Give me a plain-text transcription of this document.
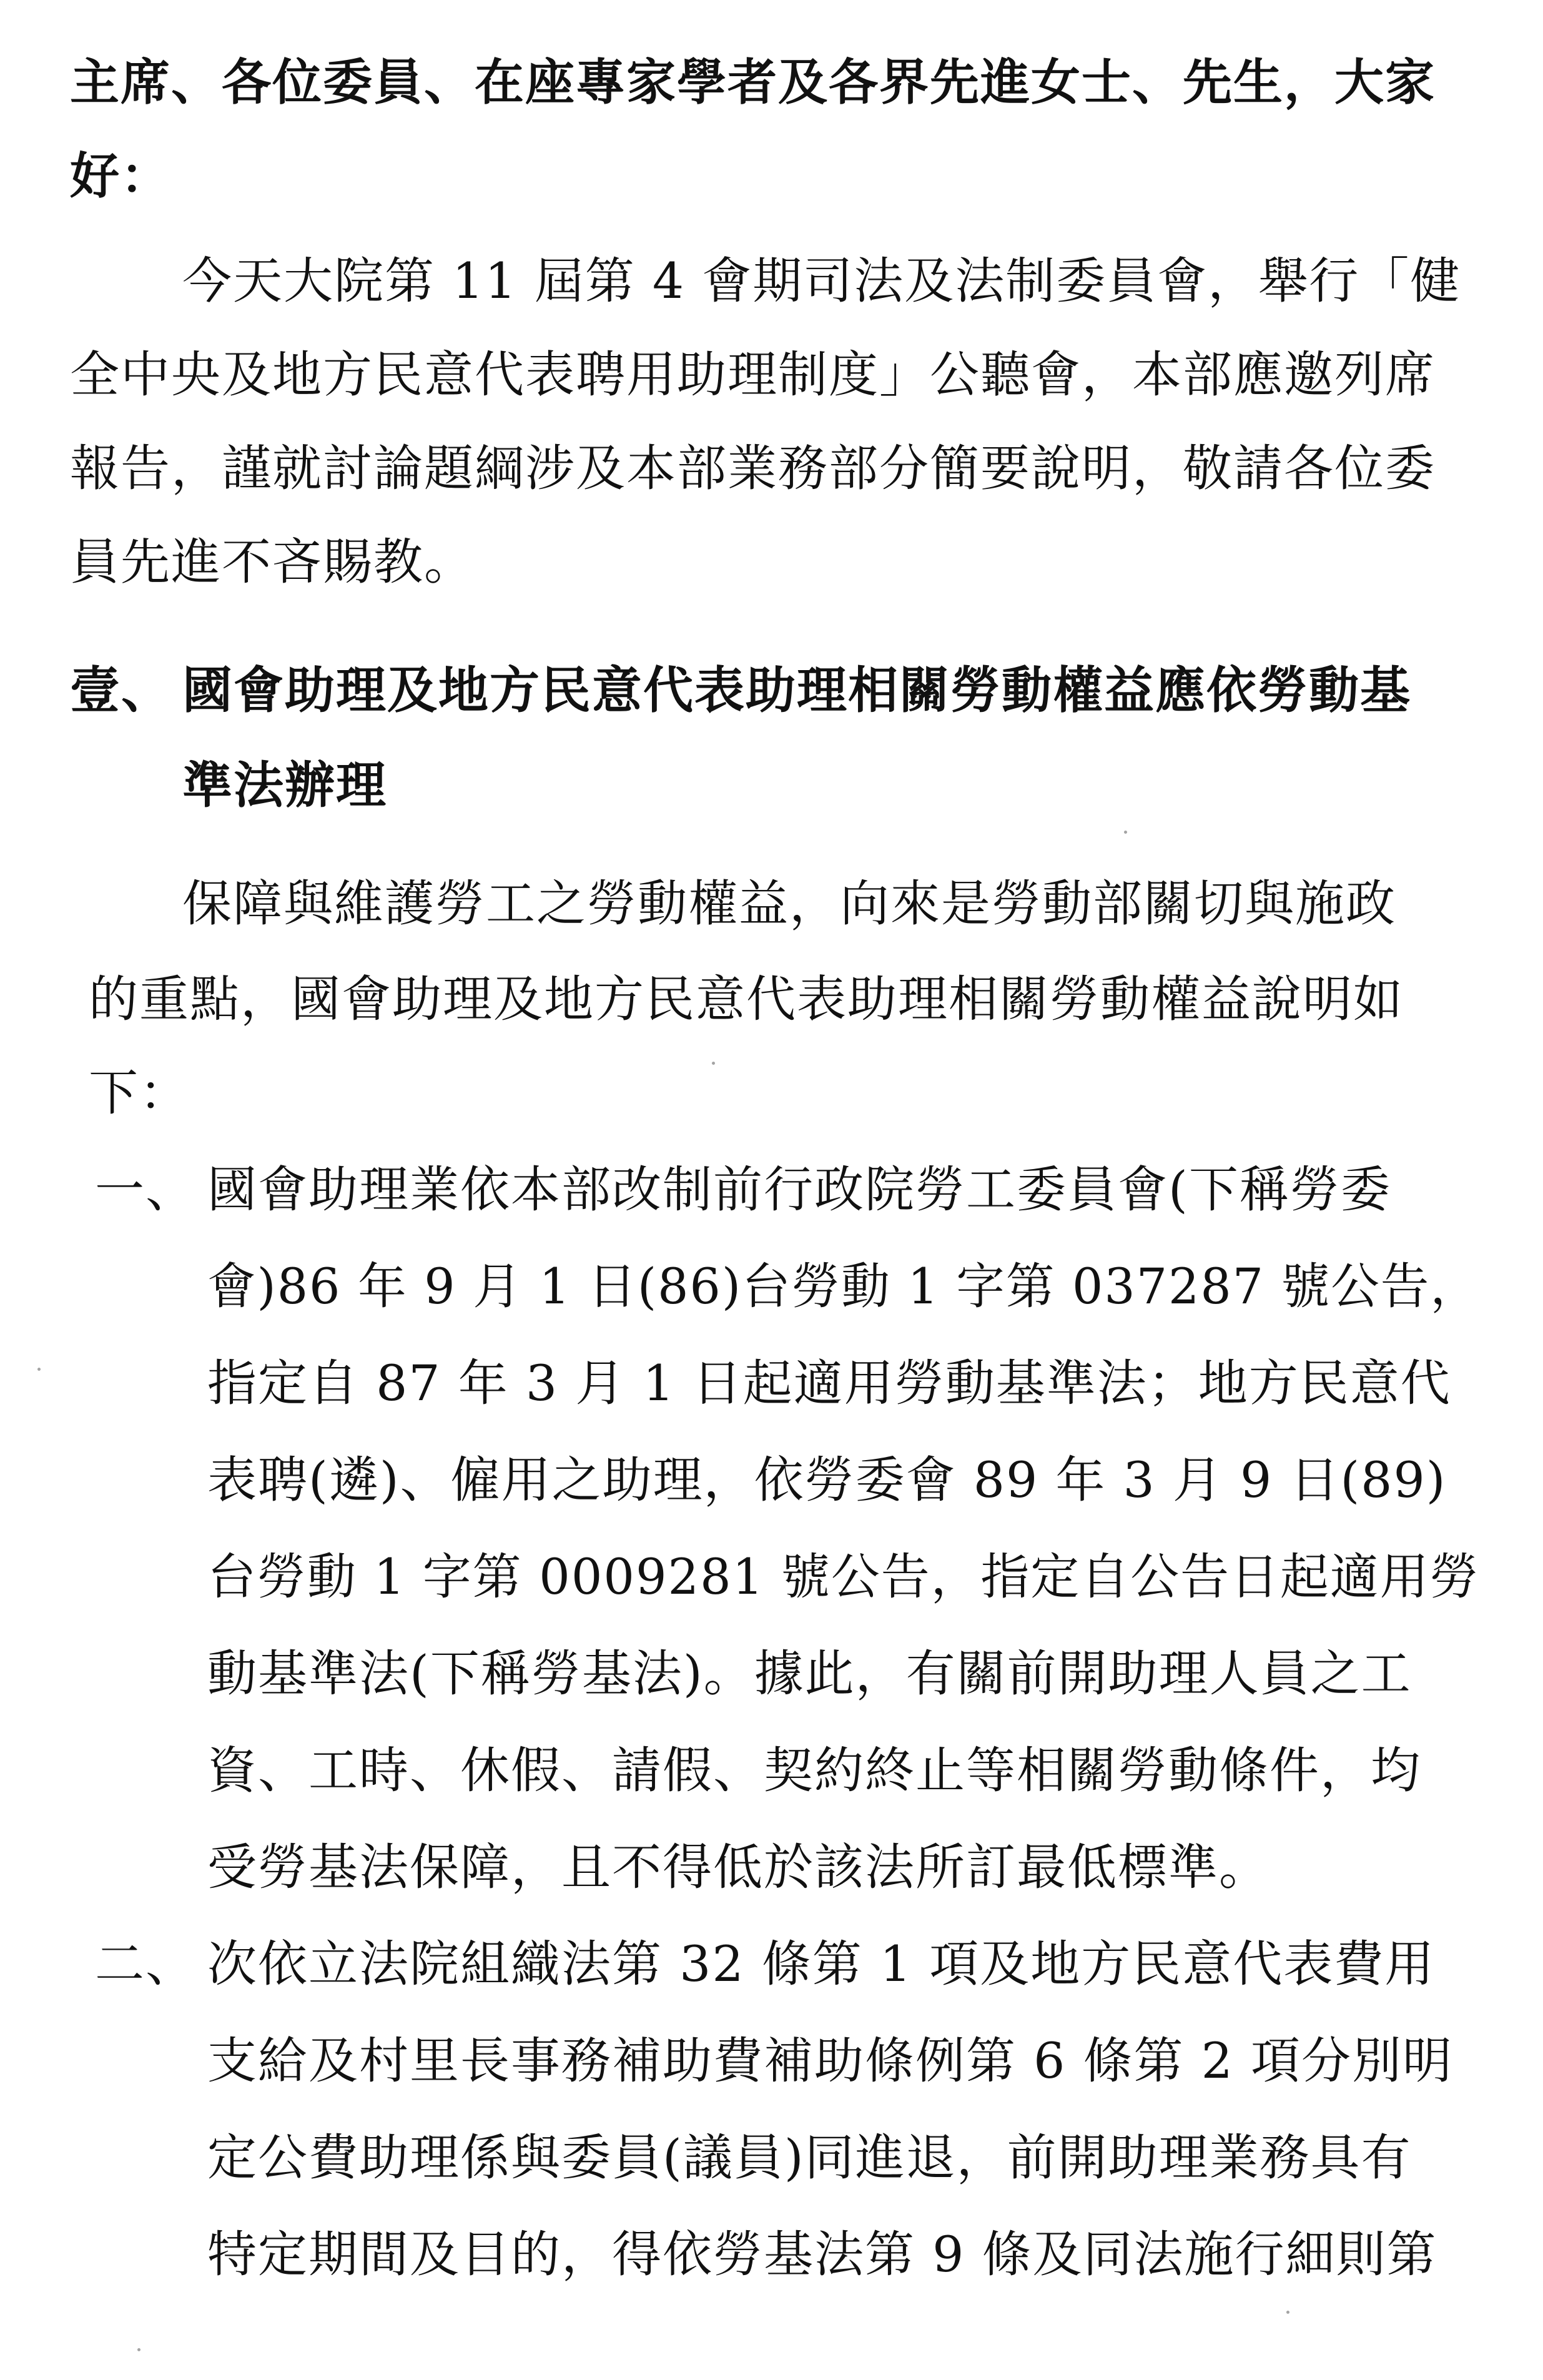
主席、各位委員、在座專家學者及各界先進女士、先生，大家
好：
今天大院第 11 屆第 4 會期司法及法制委員會，舉行「健
全中央及地方民意代表聘用助理制度」公聽會，本部應邀列席
報告，謹就討論題綱涉及本部業務部分簡要說明，敬請各位委
員先進不吝賜教。
壹、 國會助理及地方民意代表助理相關勞動權益應依勞動基
準法辦理
保障與維護勞工之勞動權益，向來是勞動部關切與施政
的重點，國會助理及地方民意代表助理相關勞動權益說明如
下：
一、 國會助理業依本部改制前行政院勞工委員會(下稱勞委
會)86 年 9 月 1 日(86)台勞動 1 字第 037287 號公告，
指定自 87 年 3 月 1 日起適用勞動基準法；地方民意代
表聘(遴)、僱用之助理，依勞委會 89 年 3 月 9 日(89)
台勞動 1 字第 0009281 號公告，指定自公告日起適用勞
動基準法(下稱勞基法)。據此，有關前開助理人員之工
資、工時、休假、請假、契約終止等相關勞動條件，均
受勞基法保障，且不得低於該法所訂最低標準。
二、 次依立法院組織法第 32 條第 1 項及地方民意代表費用
支給及村里長事務補助費補助條例第 6 條第 2 項分別明
定公費助理係與委員(議員)同進退，前開助理業務具有
特定期間及目的，得依勞基法第 9 條及同法施行細則第
